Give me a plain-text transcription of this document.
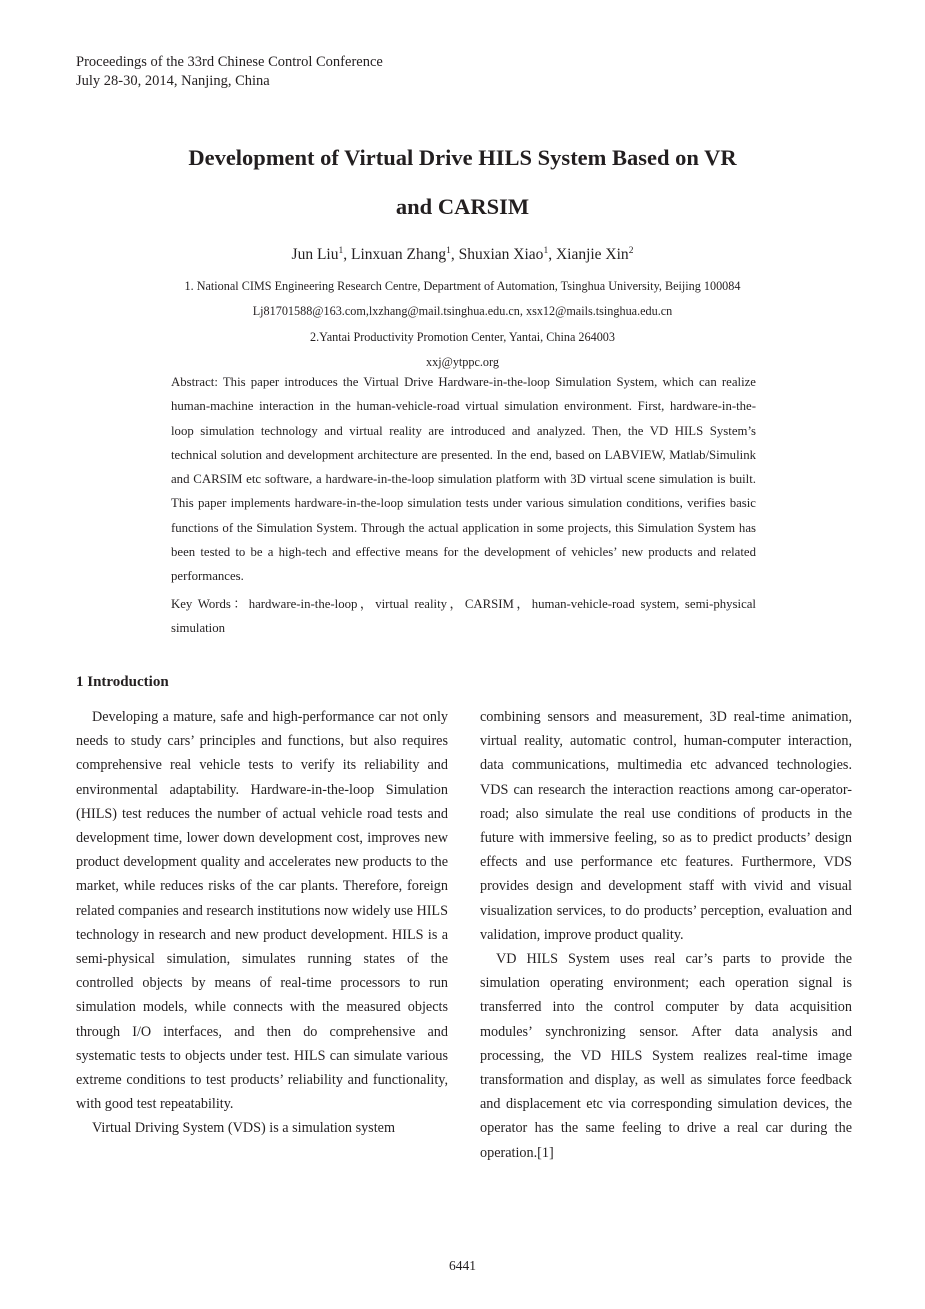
Proceedings of the 33rd Chinese Control Conference
July 28-30, 2014, Nanjing, China
Development of Virtual Drive HILS System Based on VR
and CARSIM
Jun Liu$^1$, Linxuan Zhang$^1$, Shuxian Xiao$^1$, Xianjie Xin$^2$
1. National CIMS Engineering Research Centre, Department of Automation, Tsinghua University, Beijing 100084
Lj81701588@163.com,lxzhang@mail.tsinghua.edu.cn, xsx12@mails.tsinghua.edu.cn
2.Yantai Productivity Promotion Center, Yantai, China 264003
xxj@ytppc.org
Abstract: This paper introduces the Virtual Drive Hardware-in-the-loop Simulation System, which can realize human-machine interaction in the human-vehicle-road virtual simulation environment. First, hardware-in-the-loop simulation technology and virtual reality are introduced and analyzed. Then, the VD HILS System’s technical solution and development architecture are presented. In the end, based on LABVIEW, Matlab/Simulink and CARSIM etc software, a hardware-in-the-loop simulation platform with 3D virtual scene simulation is built. This paper implements hardware-in-the-loop simulation tests under various simulation conditions, verifies basic functions of the Simulation System. Through the actual application in some projects, this Simulation System has been tested to be a high-tech and effective means for the development of vehicles’ new products and related performances.
Key Words：hardware-in-the-loop，virtual reality，CARSIM，human-vehicle-road system, semi-physical simulation
1 Introduction

Developing a mature, safe and high-performance car not only needs to study cars’ principles and functions, but also requires comprehensive real vehicle tests to verify its reliability and environmental adaptability. Hardware-in-the-loop Simulation (HILS) test reduces the number of actual vehicle road tests and development time, lower down development cost, improves new product development quality and accelerates new products to the market, while reduces risks of the car plants. Therefore, foreign related companies and research institutions now widely use HILS technology in research and new product development. HILS is a semi-physical simulation, simulates running states of the controlled objects by means of real-time processors to run simulation models, while connects with the measured objects through I/O interfaces, and then do comprehensive and systematic tests to objects under test. HILS can simulate various extreme conditions to test products’ reliability and functionality, with good test repeatability.

Virtual Driving System (VDS) is a simulation system

combining sensors and measurement, 3D real-time animation, virtual reality, automatic control, human-computer interaction, data communications, multimedia etc advanced technologies. VDS can research the interaction reactions among car-operator-road; also simulate the real use conditions of products in the future with immersive feeling, so as to predict products’ design effects and use performance etc features. Furthermore, VDS provides design and development staff with vivid and visual visualization services, to do products’ perception, evaluation and validation, improve product quality.

VD HILS System uses real car’s parts to provide the simulation operating environment; each operation signal is transferred into the control computer by data acquisition modules’ synchronizing sensor. After data analysis and processing, the VD HILS System realizes real-time image transformation and display, as well as simulates force feedback and displacement etc via corresponding simulation devices, the operator has the same feeling to drive a real car during the operation.[1]

6441
